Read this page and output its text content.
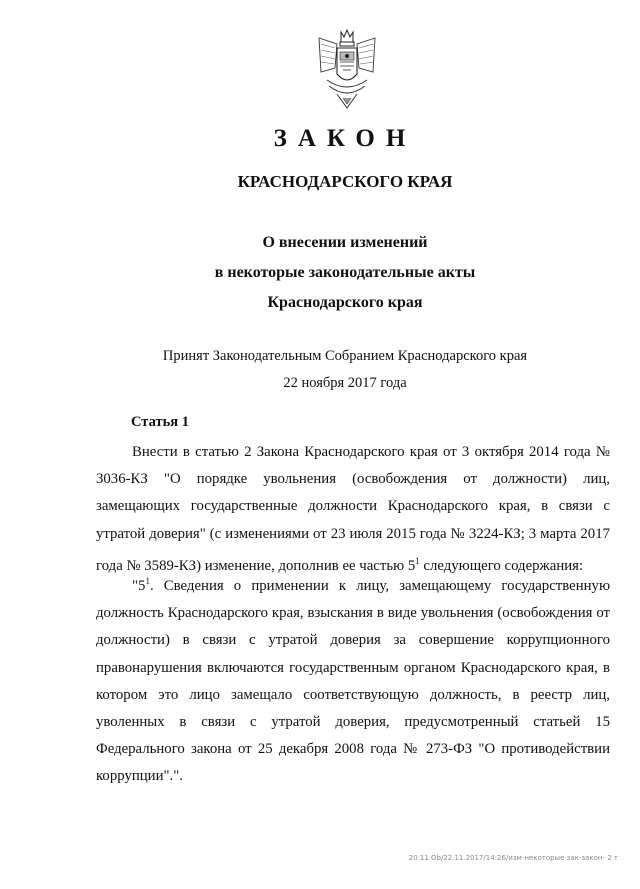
ЗАКОН
КРАСНОДАРСКОГО КРАЯ
О внесении изменений
в некоторые законодательные акты
Краснодарского края
Принят Законодательным Собранием Краснодарского края
22 ноября 2017 года
Статья 1

Внести в статью 2 Закона Краснодарского края от 3 октября 2014 года № 3036-КЗ "О порядке увольнения (освобождения от должности) лиц, замещающих государственные должности Краснодарского края, в связи с утратой доверия" (с изменениями от 23 июля 2015 года № 3224-КЗ; 3 марта 2017 года № 3589-КЗ) изменение, дополнив ее частью $5^1$ следующего содержания:

"$5^1$. Сведения о применении к лицу, замещающему государственную должность Краснодарского края, взыскания в виде увольнения (освобождения от должности) в связи с утратой доверия за совершение коррупционного правонарушения включаются государственным органом Краснодарского края, в котором это лицо замещало соответствующую должность, в реестр лиц, уволенных в связи с утратой доверия, предусмотренный статьей 15 Федерального закона от 25 декабря 2008 года № 273-ФЗ "О противодействии коррупции".".

20.11.Ob/22.11.2017/14:26/изм-некоторые зак-закон- 2 т
